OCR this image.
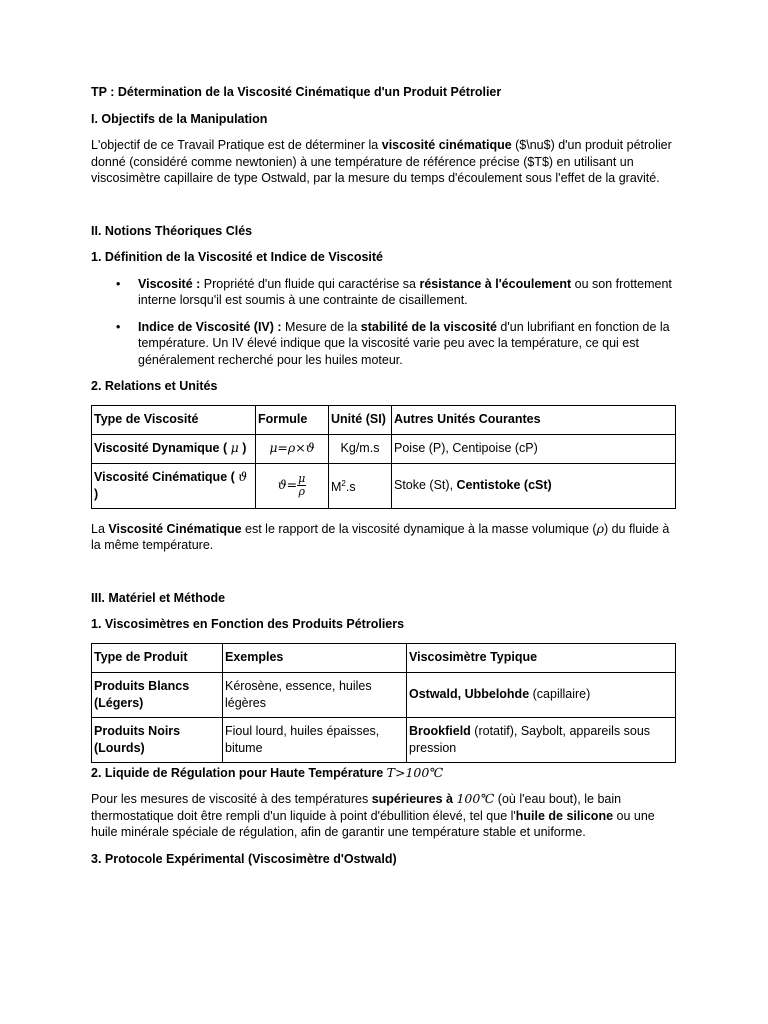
TP : Détermination de la Viscosité Cinématique d'un Produit Pétrolier

I. Objectifs de la Manipulation

L'objectif de ce Travail Pratique est de déterminer la viscosité cinématique ($\nu$) d'un produit pétrolier donné (considéré comme newtonien) à une température de référence précise ($T$) en utilisant un viscosimètre capillaire de type Ostwald, par la mesure du temps d'écoulement sous l'effet de la gravité.

II. Notions Théoriques Clés

1. Définition de la Viscosité et Indice de Viscosité

• Viscosité : Propriété d'un fluide qui caractérise sa résistance à l'écoulement ou son frottement interne lorsqu'il est soumis à une contrainte de cisaillement.
• Indice de Viscosité (IV) : Mesure de la stabilité de la viscosité d'un lubrifiant en fonction de la température. Un IV élevé indique que la viscosité varie peu avec la température, ce qui est généralement recherché pour les huiles moteur.

2. Relations et Unités

Type de Viscosité	Formule	Unité (SI)	Autres Unités Courantes
Viscosité Dynamique ( μ )	μ=ρ×ϑ	Kg/m.s	Poise (P), Centipoise (cP)
Viscosité Cinématique ( ϑ )	$ϑ= \frac{\mu}{\rho}$	$M^2.s$	Stoke (St), Centistoke (cSt)

La Viscosité Cinématique est le rapport de la viscosité dynamique à la masse volumique (ρ) du fluide à la même température.

III. Matériel et Méthode

1. Viscosimètres en Fonction des Produits Pétroliers

Type de Produit	Exemples	Viscosimètre Typique
Produits Blancs (Légers)	Kérosène, essence, huiles légères	Ostwald, Ubbelohde (capillaire)
Produits Noirs (Lourds)	Fioul lourd, huiles épaisses, bitume	Brookfield (rotatif), Saybolt, appareils sous pression

2. Liquide de Régulation pour Haute Température T>100℃

Pour les mesures de viscosité à des températures supérieures à 100℃ (où l'eau bout), le bain thermostatique doit être rempli d'un liquide à point d'ébullition élevé, tel que l'huile de silicone ou une huile minérale spéciale de régulation, afin de garantir une température stable et uniforme.

3. Protocole Expérimental (Viscosimètre d'Ostwald)
